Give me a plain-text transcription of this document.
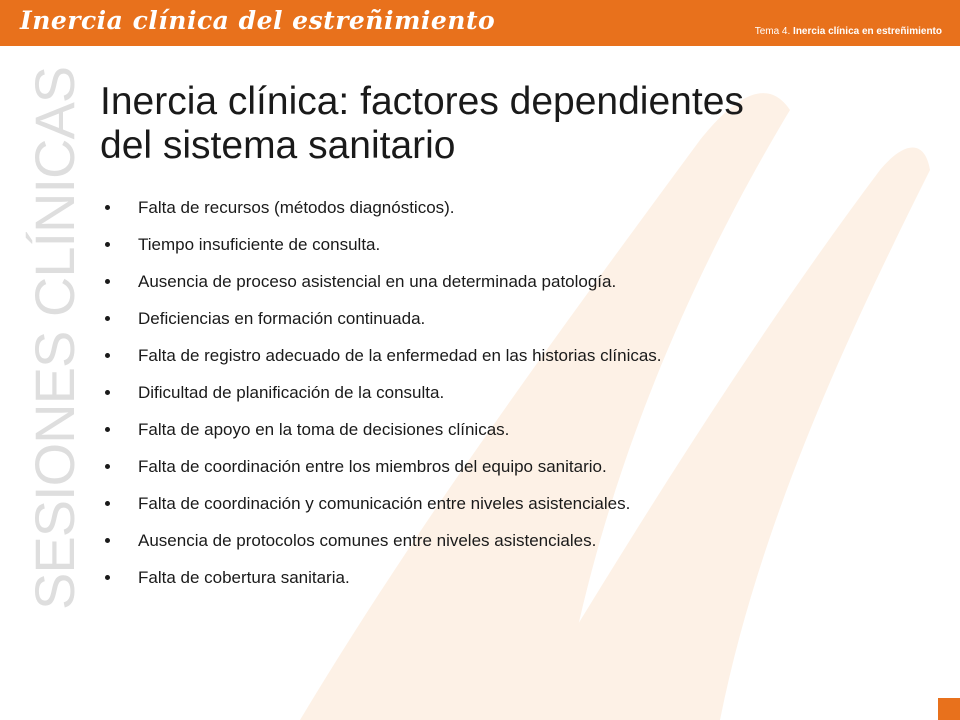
Inercia clínica del estreñimiento	Tema 4. Inercia clínica en estreñimiento
SESIONES CLÍNICAS Inercia clínica: factores dependientes
del sistema sanitario
Falta de recursos (métodos diagnósticos).
Tiempo insuficiente de consulta.
Ausencia de proceso asistencial en una determinada patología.
Deficiencias en formación continuada.
Falta de registro adecuado de la enfermedad en las historias clínicas.
Dificultad de planificación de la consulta.
Falta de apoyo en la toma de decisiones clínicas.
Falta de coordinación entre los miembros del equipo sanitario.
Falta de coordinación y comunicación entre niveles asistenciales.
Ausencia de protocolos comunes entre niveles asistenciales.
Falta de cobertura sanitaria.
